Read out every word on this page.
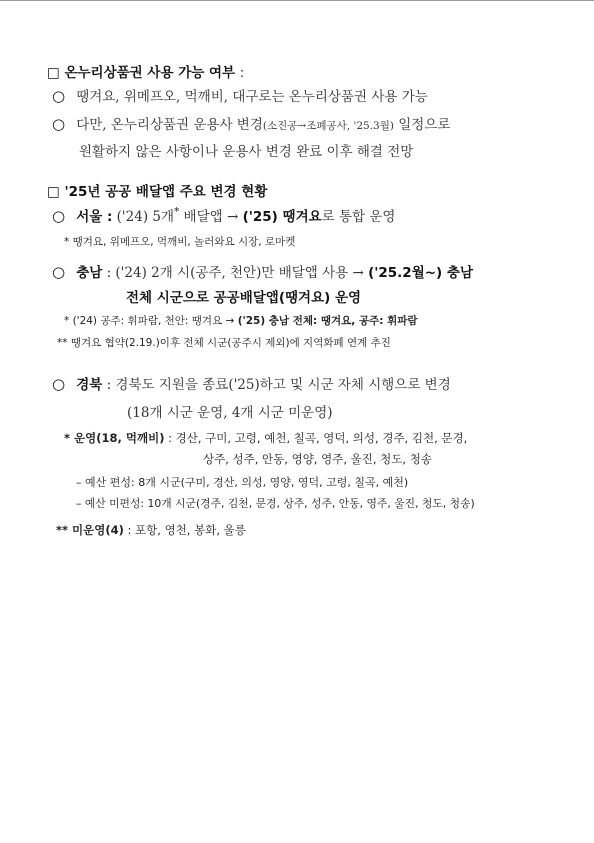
□ 온누리상품권 사용 가능 여부 :
○ 땡겨요, 위메프오, 먹깨비, 대구로는 온누리상품권 사용 가능
○ 다만, 온누리상품권 운용사 변경(소진공→조폐공사, '25.3월) 일정으로
원활하지 않은 사항이나 운용사 변경 완료 이후 해결 전망
□ '25년 공공 배달앱 주요 변경 현황
○ 서울 : ('24) 5개* 배달앱 → ('25) 땡겨요로 통합 운영
* 땡겨요, 위메프오, 먹깨비, 놀러와요 시장, 로마켓
○ 충남 : ('24) 2개 시(공주, 천안)만 배달앱 사용 → ('25.2월~) 충남
전체 시군으로 공공배달앱(땡겨요) 운영
* ('24) 공주: 휘파람, 천안: 땡겨요 → ('25) 충남 전체: 땡겨요, 공주: 휘파람
** 땡겨요 협약(2.19.)이후 전체 시군(공주시 제외)에 지역화폐 연계 추진
○ 경북 : 경북도 지원을 종료('25)하고 및 시군 자체 시행으로 변경
(18개 시군 운영, 4개 시군 미운영)
* 운영(18, 먹깨비) : 경산, 구미, 고령, 예천, 칠곡, 영덕, 의성, 경주, 김천, 문경,
상주, 성주, 안동, 영양, 영주, 울진, 청도, 청송
– 예산 편성: 8개 시군(구미, 경산, 의성, 영양, 영덕, 고령, 칠곡, 예천)
– 예산 미편성: 10개 시군(경주, 김천, 문경, 상주, 성주, 안동, 영주, 울진, 청도, 청송)
** 미운영(4) : 포항, 영천, 봉화, 울릉
